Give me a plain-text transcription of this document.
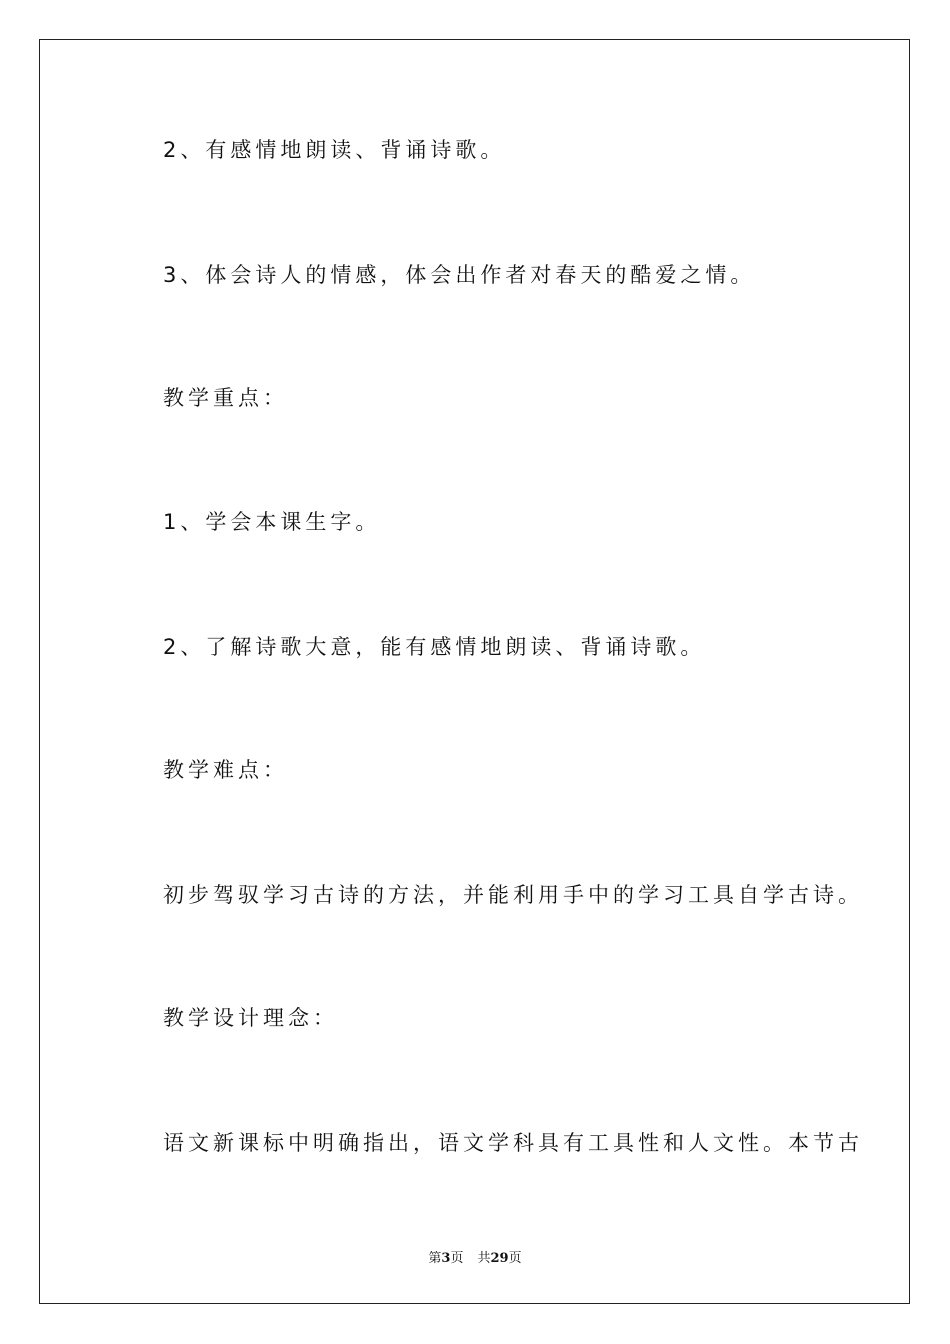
2、有感情地朗读、背诵诗歌。
3、体会诗人的情感，体会出作者对春天的酷爱之情。
教学重点：
1、学会本课生字。
2、了解诗歌大意，能有感情地朗读、背诵诗歌。
教学难点：
初步驾驭学习古诗的方法，并能利用手中的学习工具自学古诗。
教学设计理念：
语文新课标中明确指出，语文学科具有工具性和人文性。本节古
第3页 共29页
